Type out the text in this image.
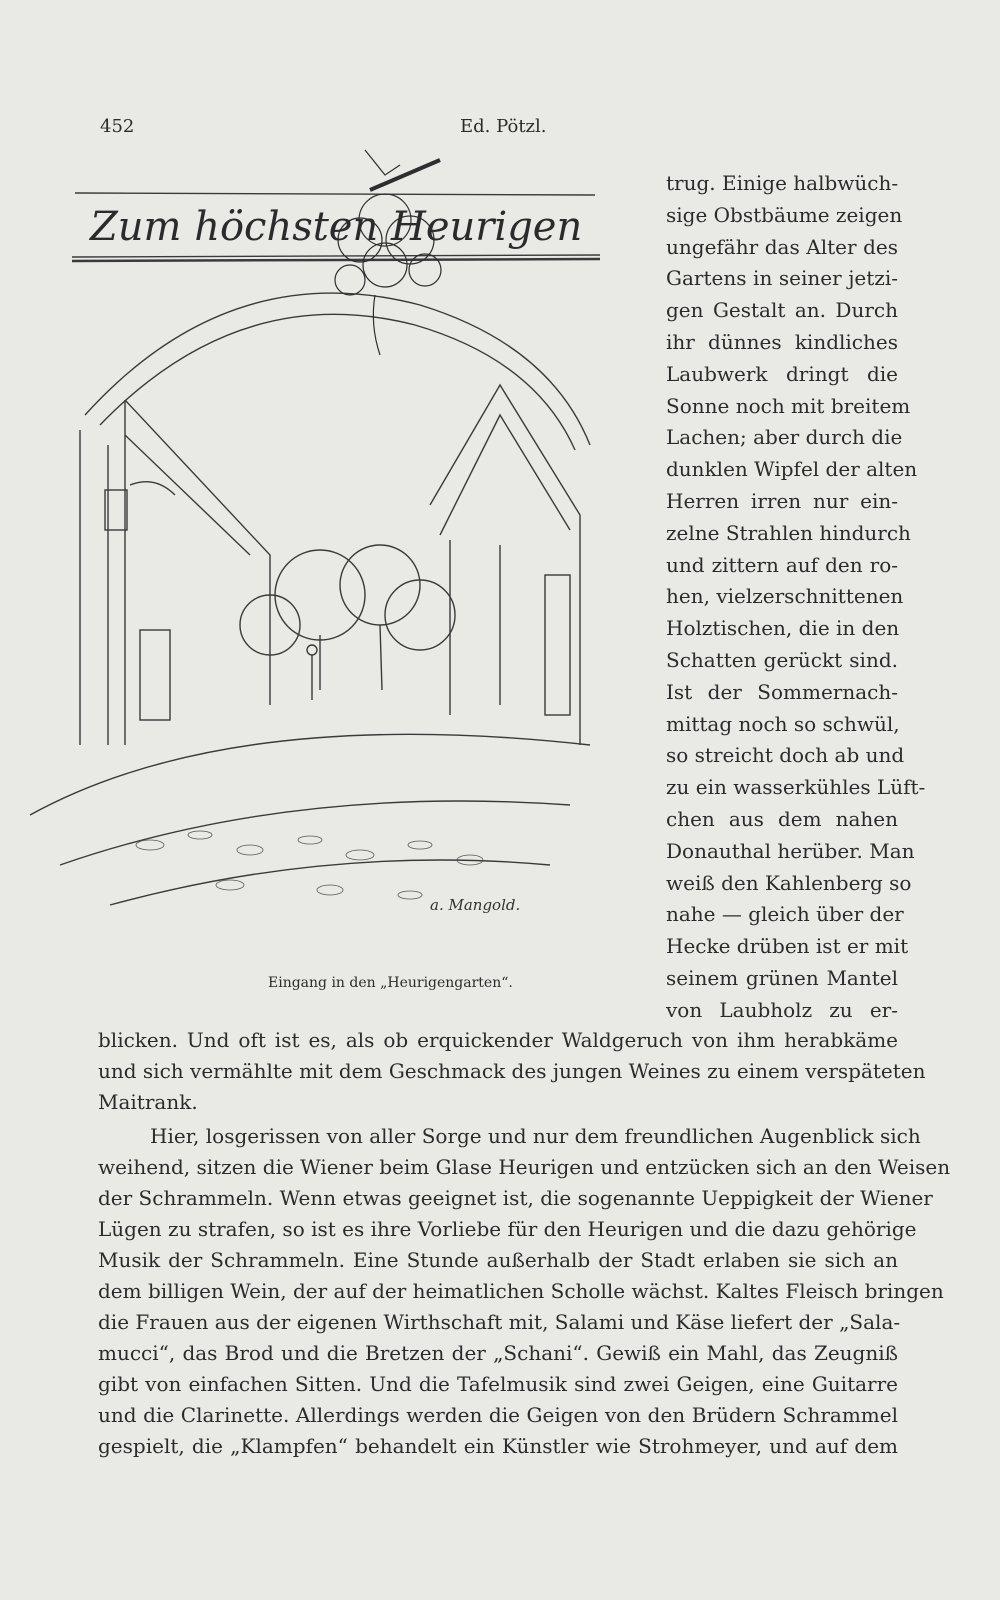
452	Ed. Pötzl.
Zum höchsten Heurigen
a. Mangold.
Eingang in den „Heurigengarten“.
trug. Einige halbwüch-
sige Obstbäume zeigen
ungefähr das Alter des
Gartens in seiner jetzi-
gen Gestalt an. Durch
ihr dünnes kindliches
Laubwerk dringt die
Sonne noch mit breitem
Lachen; aber durch die
dunklen Wipfel der alten
Herren irren nur ein-
zelne Strahlen hindurch
und zittern auf den ro-
hen, vielzerschnittenen
Holztischen, die in den
Schatten gerückt sind.
Ist der Sommernach-
mittag noch so schwül,
so streicht doch ab und
zu ein wasserkühles Lüft-
chen aus dem nahen
Donauthal herüber. Man
weiß den Kahlenberg so
nahe — gleich über der
Hecke drüben ist er mit
seinem grünen Mantel
von Laubholz zu er-
blicken. Und oft ist es, als ob erquickender Waldgeruch von ihm herabkäme
und sich vermählte mit dem Geschmack des jungen Weines zu einem verspäteten
Maitrank.
Hier, losgerissen von aller Sorge und nur dem freundlichen Augenblick sich
weihend, sitzen die Wiener beim Glase Heurigen und entzücken sich an den Weisen
der Schrammeln. Wenn etwas geeignet ist, die sogenannte Ueppigkeit der Wiener
Lügen zu strafen, so ist es ihre Vorliebe für den Heurigen und die dazu gehörige
Musik der Schrammeln. Eine Stunde außerhalb der Stadt erlaben sie sich an
dem billigen Wein, der auf der heimatlichen Scholle wächst. Kaltes Fleisch bringen
die Frauen aus der eigenen Wirthschaft mit, Salami und Käse liefert der „Sala-
mucci“, das Brod und die Bretzen der „Schani“. Gewiß ein Mahl, das Zeugniß
gibt von einfachen Sitten. Und die Tafelmusik sind zwei Geigen, eine Guitarre
und die Clarinette. Allerdings werden die Geigen von den Brüdern Schrammel
gespielt, die „Klampfen“ behandelt ein Künstler wie Strohmeyer, und auf dem
